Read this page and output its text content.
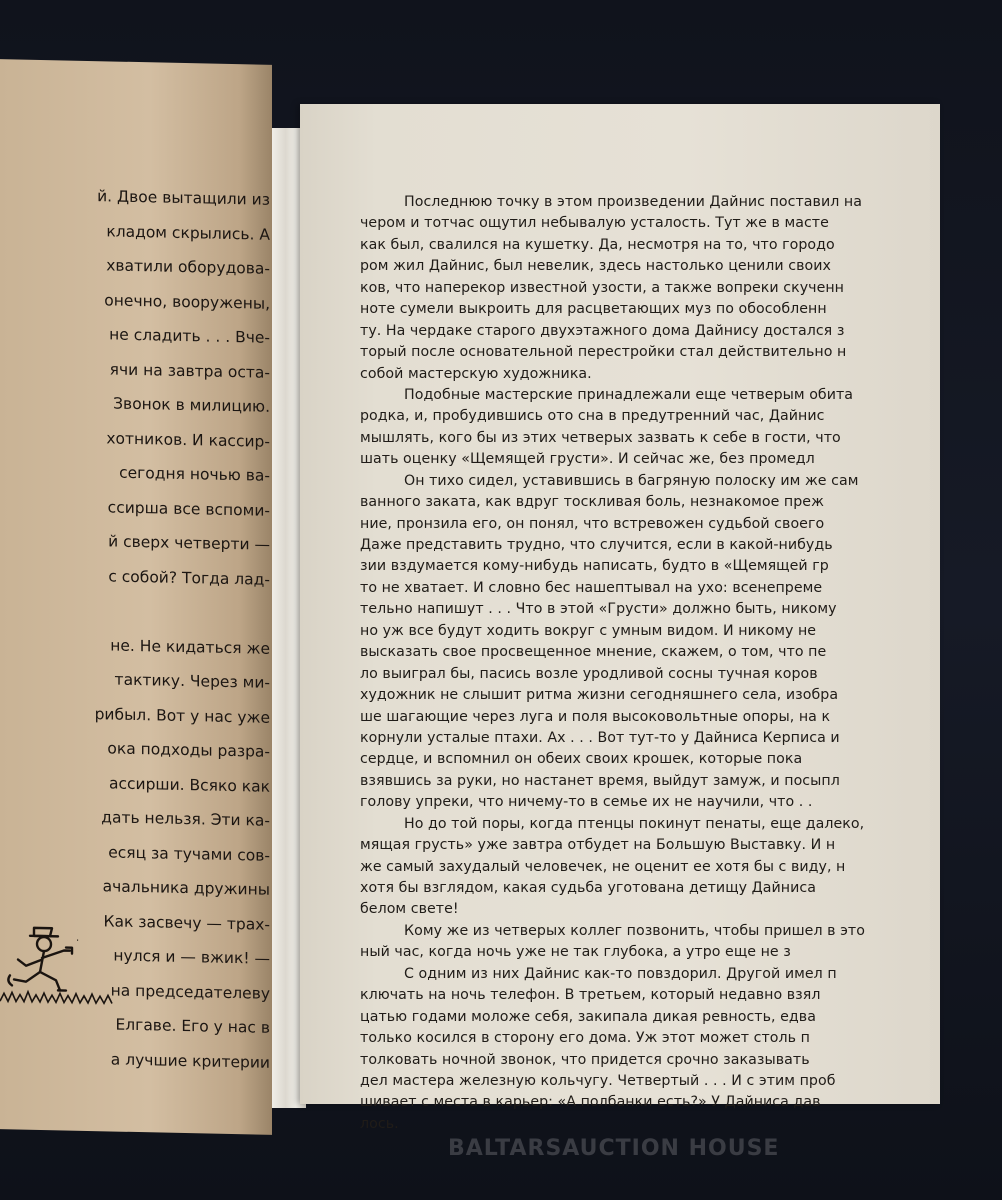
й. Двое вытащили из
кладом скрылись. А
хватили оборудова-
онечно, вооружены,
не сладить . . . Вче-
ячи на завтра оста-
Звонок в милицию.
хотников. И кассир-
сегодня ночью ва-
ссирша все вспоми-
й сверх четверти —
с собой? Тогда лад-
не. Не кидаться же
тактику. Через ми-
рибыл. Вот у нас уже
ока подходы разра-
ассирши. Всяко как
дать нельзя. Эти ка-
есяц за тучами сов-
ачальника дружины
Как засвечу — трах-
нулся и — вжик! —
на председателеву
Елгаве. Его у нас в
а лучшие критерии
.
Последнюю точку в этом произведении Дайнис поставил на
чером и тотчас ощутил небывалую усталость. Тут же в масте
как был, свалился на кушетку. Да, несмотря на то, что городо
ром жил Дайнис, был невелик, здесь настолько ценили своих
ков, что наперекор известной узости, а также вопреки скученн
ноте сумели выкроить для расцветающих муз по обособленн
ту. На чердаке старого двухэтажного дома Дайнису достался з
торый после основательной перестройки стал действительно н
собой мастерскую художника.
Подобные мастерские принадлежали еще четверым обита
родка, и, пробудившись ото сна в предутренний час, Дайнис
мышлять, кого бы из этих четверых зазвать к себе в гости, что
шать оценку «Щемящей грусти». И сейчас же, без промедл
Он тихо сидел, уставившись в багряную полоску им же сам
ванного заката, как вдруг тоскливая боль, незнакомое преж
ние, пронзила его, он понял, что встревожен судьбой своего
Даже представить трудно, что случится, если в какой-нибудь
зии вздумается кому-нибудь написать, будто в «Щемящей гр
то не хватает. И словно бес нашептывал на ухо: всенепреме
тельно напишут . . . Что в этой «Грусти» должно быть, никому
но уж все будут ходить вокруг с умным видом. И никому не
высказать свое просвещенное мнение, скажем, о том, что пе
ло выиграл бы, пасись возле уродливой сосны тучная коров
художник не слышит ритма жизни сегодняшнего села, изобра
ше шагающие через луга и поля высоковольтные опоры, на к
корнули усталые птахи. Ах . . . Вот тут-то у Дайниса Керписа и
сердце, и вспомнил он обеих своих крошек, которые пока
взявшись за руки, но настанет время, выйдут замуж, и посыпл
голову упреки, что ничему-то в семье их не научили, что . .
Но до той поры, когда птенцы покинут пенаты, еще далеко,
мящая грусть» уже завтра отбудет на Большую Выставку. И н
же самый захудалый человечек, не оценит ее хотя бы с виду, н
хотя бы взглядом, какая судьба уготована детищу Дайниса
белом свете!
Кому же из четверых коллег позвонить, чтобы пришел в это
ный час, когда ночь уже не так глубока, а утро еще не з
С одним из них Дайнис как-то повздорил. Другой имел п
ключать на ночь телефон. В третьем, который недавно взял
цатью годами моложе себя, закипала дикая ревность, едва
только косился в сторону его дома. Уж этот может столь п
толковать ночной звонок, что придется срочно заказывать
дел мастера железную кольчугу. Четвертый . . . И с этим проб
шивает с места в карьер: «А полбанки есть?» У Дайниса дав
лось.
BALTARSAUCTION HOUSE
